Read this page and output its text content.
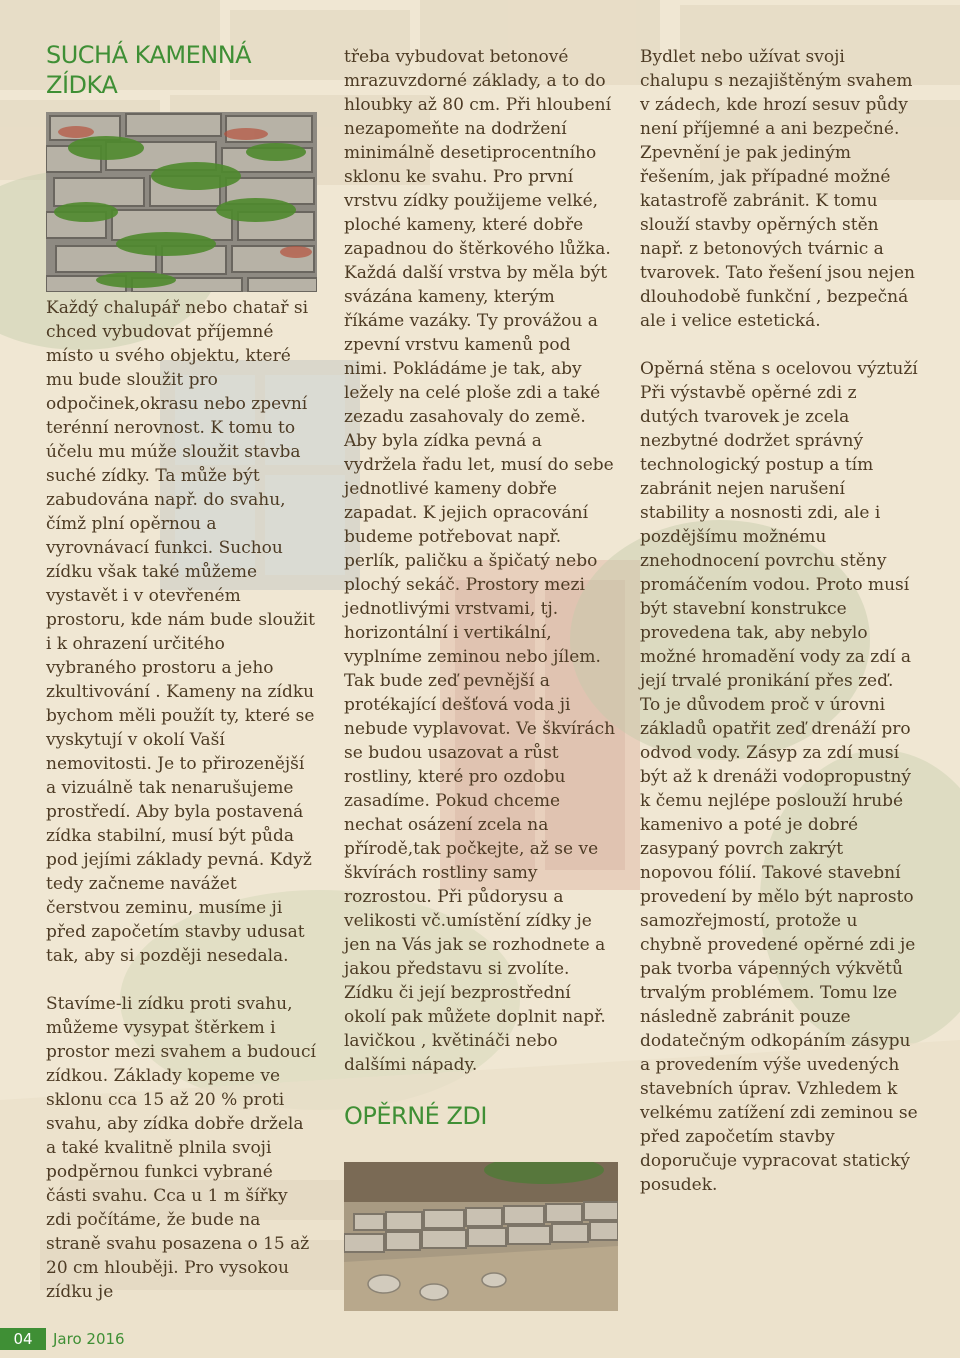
SUCHÁ KAMENNÁ ZÍDKA

Každý chalupář nebo chatař si chced vybudovat příjemné místo u svého objektu, které mu bude sloužit pro odpočinek,okrasu nebo zpevní terénní nerovnost. K tomu to účelu mu múže sloužit stavba suché zídky. Ta může být zabudována např. do svahu, čímž plní opěrnou a vyrovnávací funkci. Suchou zídku však také můžeme vystavět i v otevřeném prostoru, kde nám bude sloužit i k ohrazení určitého vybraného prostoru a jeho zkultivování . Kameny na zídku bychom měli použít ty, které se vyskytují v okolí Vaší nemovitosti. Je to přirozenější a vizuálně tak nenarušujeme prostředí. Aby byla postavená zídka stabilní, musí být půda pod jejími základy pevná. Když tedy začneme navážet čerstvou zeminu, musíme ji před započetím stavby udusat tak, aby si později nesedala.

Stavíme-li zídku proti svahu, můžeme vysypat štěrkem i prostor mezi svahem a budoucí zídkou. Základy kopeme ve sklonu cca 15 až 20 % proti svahu, aby zídka dobře držela a také kvalitně plnila svoji podpěrnou funkci vybrané části svahu. Cca u 1 m šířky zdi počítáme, že bude na straně svahu posazena o 15 až 20 cm hlouběji. Pro vysokou zídku je

třeba vybudovat betonové mrazuvzdorné základy, a to do hloubky až 80 cm. Při hloubení nezapomeňte na dodržení minimálně desetiprocentního sklonu ke svahu. Pro první vrstvu zídky použijeme velké, ploché kameny, které dobře zapadnou do štěrkového lůžka. Každá další vrstva by měla být svázána kameny, kterým říkáme vazáky. Ty provážou a zpevní vrstvu kamenů pod nimi. Pokládáme je tak, aby ležely na celé ploše zdi a také zezadu zasahovaly do země. Aby byla zídka pevná a vydržela řadu let, musí do sebe jednotlivé kameny dobře zapadat. K jejich opracování budeme potřebovat např. perlík, paličku a špičatý nebo plochý sekáč. Prostory mezi jednotlivými vrstvami, tj. horizontální i vertikální, vyplníme zeminou nebo jílem. Tak bude zeď pevnější a protékající dešťová voda ji nebude vyplavovat. Ve škvírách se budou usazovat a růst rostliny, které pro ozdobu zasadíme. Pokud chceme nechat osázení zcela na přírodě,tak počkejte, až se ve škvírách rostliny samy rozrostou. Při půdorysu a velikosti vč.umístění zídky je jen na Vás jak se rozhodnete a jakou představu si zvolíte. Zídku či její bezprostřední okolí pak můžete doplnit např. lavičkou , květináči nebo dalšími nápady.

OPĚRNÉ ZDI

Bydlet nebo užívat svoji chalupu s nezajištěným svahem v zádech, kde hrozí sesuv půdy není příjemné a ani bezpečné. Zpevnění je pak jediným řešením, jak případné možné katastrofě zabránit. K tomu slouží stavby opěrných stěn např. z betonových tvárnic a tvarovek. Tato řešení jsou nejen dlouhodobě funkční , bezpečná ale i velice estetická.

Opěrná stěna s ocelovou výztuží Při výstavbě opěrné zdi z dutých tvarovek je zcela nezbytné dodržet správný technologický postup a tím zabránit nejen narušení stability a nosnosti zdi, ale i pozdějšímu možnému znehodnocení povrchu stěny promáčením vodou. Proto musí být stavební konstrukce provedena tak, aby nebylo možné hromadění vody za zdí a její trvalé pronikání přes zeď. To je důvodem proč v úrovni základů opatřit zeď drenáží pro odvod vody. Zásyp za zdí musí být až k drenáži vodopropustný k čemu nejlépe poslouží hrubé kamenivo a poté je dobré zasypaný povrch zakrýt nopovou fólií. Takové stavební provedení by mělo být naprosto samozřejmostí, protože u chybně provedené opěrné zdi je pak tvorba vápenných výkvětů trvalým problémem. Tomu lze následně zabránit pouze dodatečným odkopáním zásypu a provedením výše uvedených stavebních úprav. Vzhledem k velkému zatížení zdi zeminou se před započetím stavby doporučuje vypracovat statický posudek.

04	Jaro 2016
